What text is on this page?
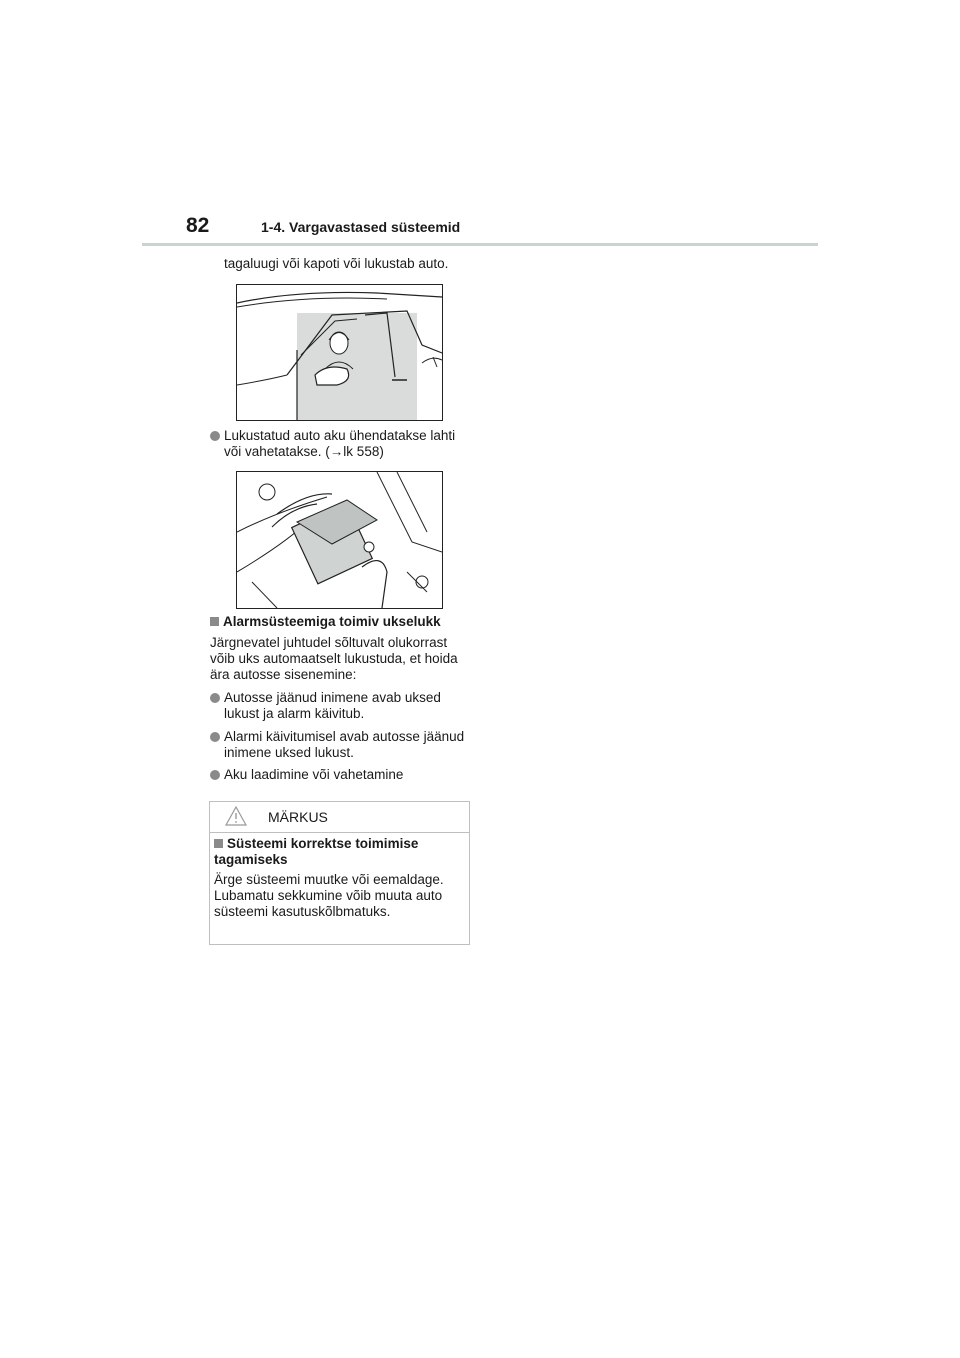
82	1-4. Vargavastased süsteemid
tagaluugi või kapoti või lukustab auto.
Lukustatud auto aku ühendatakse lahti või vahetatakse. (→lk 558)
Alarmsüsteemiga toimiv ukselukk
Järgnevatel juhtudel sõltuvalt olukorrast võib uks automaatselt lukustuda, et hoida ära autosse sisenemine:
Autosse jäänud inimene avab uksed lukust ja alarm käivitub.
Alarmi käivitumisel avab autosse jäänud inimene uksed lukust.
Aku laadimine või vahetamine
MÄRKUS
Süsteemi korrektse toimimise tagamiseks
Ärge süsteemi muutke või eemaldage. Lubamatu sekkumine võib muuta auto süsteemi kasutuskõlbmatuks.
